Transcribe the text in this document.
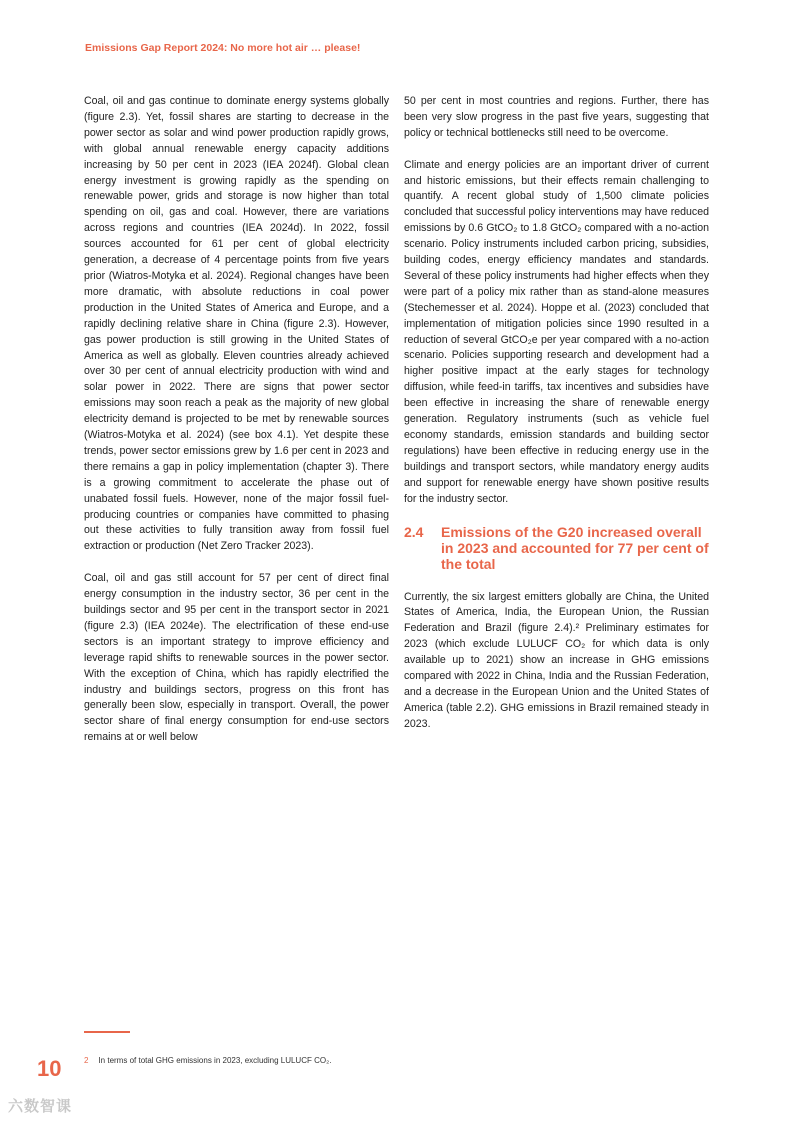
Emissions Gap Report 2024: No more hot air … please!

Coal, oil and gas continue to dominate energy systems globally (figure 2.3). Yet, fossil shares are starting to decrease in the power sector as solar and wind power production rapidly grows, with global annual renewable energy capacity additions increasing by 50 per cent in 2023 (IEA 2024f). Global clean energy investment is growing rapidly as the spending on renewable power, grids and storage is now higher than total spending on oil, gas and coal. However, there are variations across regions and countries (IEA 2024d). In 2022, fossil sources accounted for 61 per cent of global electricity generation, a decrease of 4 percentage points from five years prior (Wiatros-Motyka et al. 2024). Regional changes have been more dramatic, with absolute reductions in coal power production in the United States of America and Europe, and a rapidly declining relative share in China (figure 2.3). However, gas power production is still growing in the United States of America as well as globally. Eleven countries already achieved over 30 per cent of annual electricity production with wind and solar power in 2022. There are signs that power sector emissions may soon reach a peak as the majority of new global electricity demand is projected to be met by renewable sources (Wiatros-Motyka et al. 2024) (see box 4.1). Yet despite these trends, power sector emissions grew by 1.6 per cent in 2023 and there remains a gap in policy implementation (chapter 3). There is a growing commitment to accelerate the phase out of unabated fossil fuels. However, none of the major fossil fuel-producing countries or companies have committed to phasing out these activities to fully transition away from fossil fuel extraction or production (Net Zero Tracker 2023).

Coal, oil and gas still account for 57 per cent of direct final energy consumption in the industry sector, 36 per cent in the buildings sector and 95 per cent in the transport sector in 2021 (figure 2.3) (IEA 2024e). The electrification of these end-use sectors is an important strategy to improve efficiency and leverage rapid shifts to renewable sources in the power sector. With the exception of China, which has rapidly electrified the industry and buildings sectors, progress on this front has generally been slow, especially in transport. Overall, the power sector share of final energy consumption for end-use sectors remains at or well below

50 per cent in most countries and regions. Further, there has been very slow progress in the past five years, suggesting that policy or technical bottlenecks still need to be overcome.

Climate and energy policies are an important driver of current and historic emissions, but their effects remain challenging to quantify. A recent global study of 1,500 climate policies concluded that successful policy interventions may have reduced emissions by 0.6 GtCO₂ to 1.8 GtCO₂ compared with a no-action scenario. Policy instruments included carbon pricing, subsidies, building codes, energy efficiency mandates and standards. Several of these policy instruments had higher effects when they were part of a policy mix rather than as stand-alone measures (Stechemesser et al. 2024). Hoppe et al. (2023) concluded that implementation of mitigation policies since 1990 resulted in a reduction of several GtCO₂e per year compared with a no-action scenario. Policies supporting research and development had a higher positive impact at the early stages for technology diffusion, while feed-in tariffs, tax incentives and subsidies have been effective in increasing the share of renewable energy generation. Regulatory instruments (such as vehicle fuel economy standards, emission standards and building sector regulations) have been effective in reducing energy use in the buildings and transport sectors, while mandatory energy audits and support for renewable energy have shown positive results for the industry sector.

2.4	Emissions of the G20 increased overall in 2023 and accounted for 77 per cent of the total

Currently, the six largest emitters globally are China, the United States of America, India, the European Union, the Russian Federation and Brazil (figure 2.4).² Preliminary estimates for 2023 (which exclude LULUCF CO₂ for which data is only available up to 2021) show an increase in GHG emissions compared with 2022 in China, India and the Russian Federation, and a decrease in the European Union and the United States of America (table 2.2). GHG emissions in Brazil remained steady in 2023.

10	2 In terms of total GHG emissions in 2023, excluding LULUCF CO₂.
六数智课
